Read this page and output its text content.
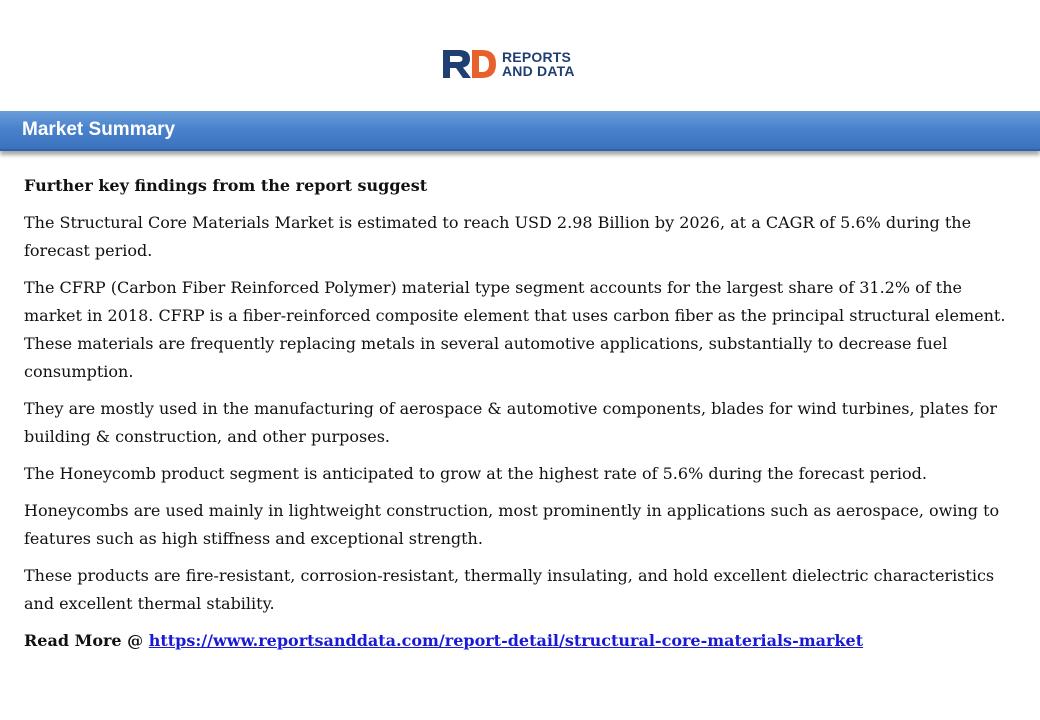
REPORTS
AND DATA
Market Summary

Further key findings from the report suggest

The Structural Core Materials Market is estimated to reach USD 2.98 Billion by 2026, at a CAGR of 5.6% during the forecast period.

The CFRP (Carbon Fiber Reinforced Polymer) material type segment accounts for the largest share of 31.2% of the market in 2018. CFRP is a fiber-reinforced composite element that uses carbon fiber as the principal structural element. These materials are frequently replacing metals in several automotive applications, substantially to decrease fuel consumption.

They are mostly used in the manufacturing of aerospace & automotive components, blades for wind turbines, plates for building & construction, and other purposes.

The Honeycomb product segment is anticipated to grow at the highest rate of 5.6% during the forecast period.

Honeycombs are used mainly in lightweight construction, most prominently in applications such as aerospace, owing to features such as high stiffness and exceptional strength.

These products are fire-resistant, corrosion-resistant, thermally insulating, and hold excellent dielectric characteristics and excellent thermal stability.

Read More @ https://www.reportsanddata.com/report-detail/structural-core-materials-market
